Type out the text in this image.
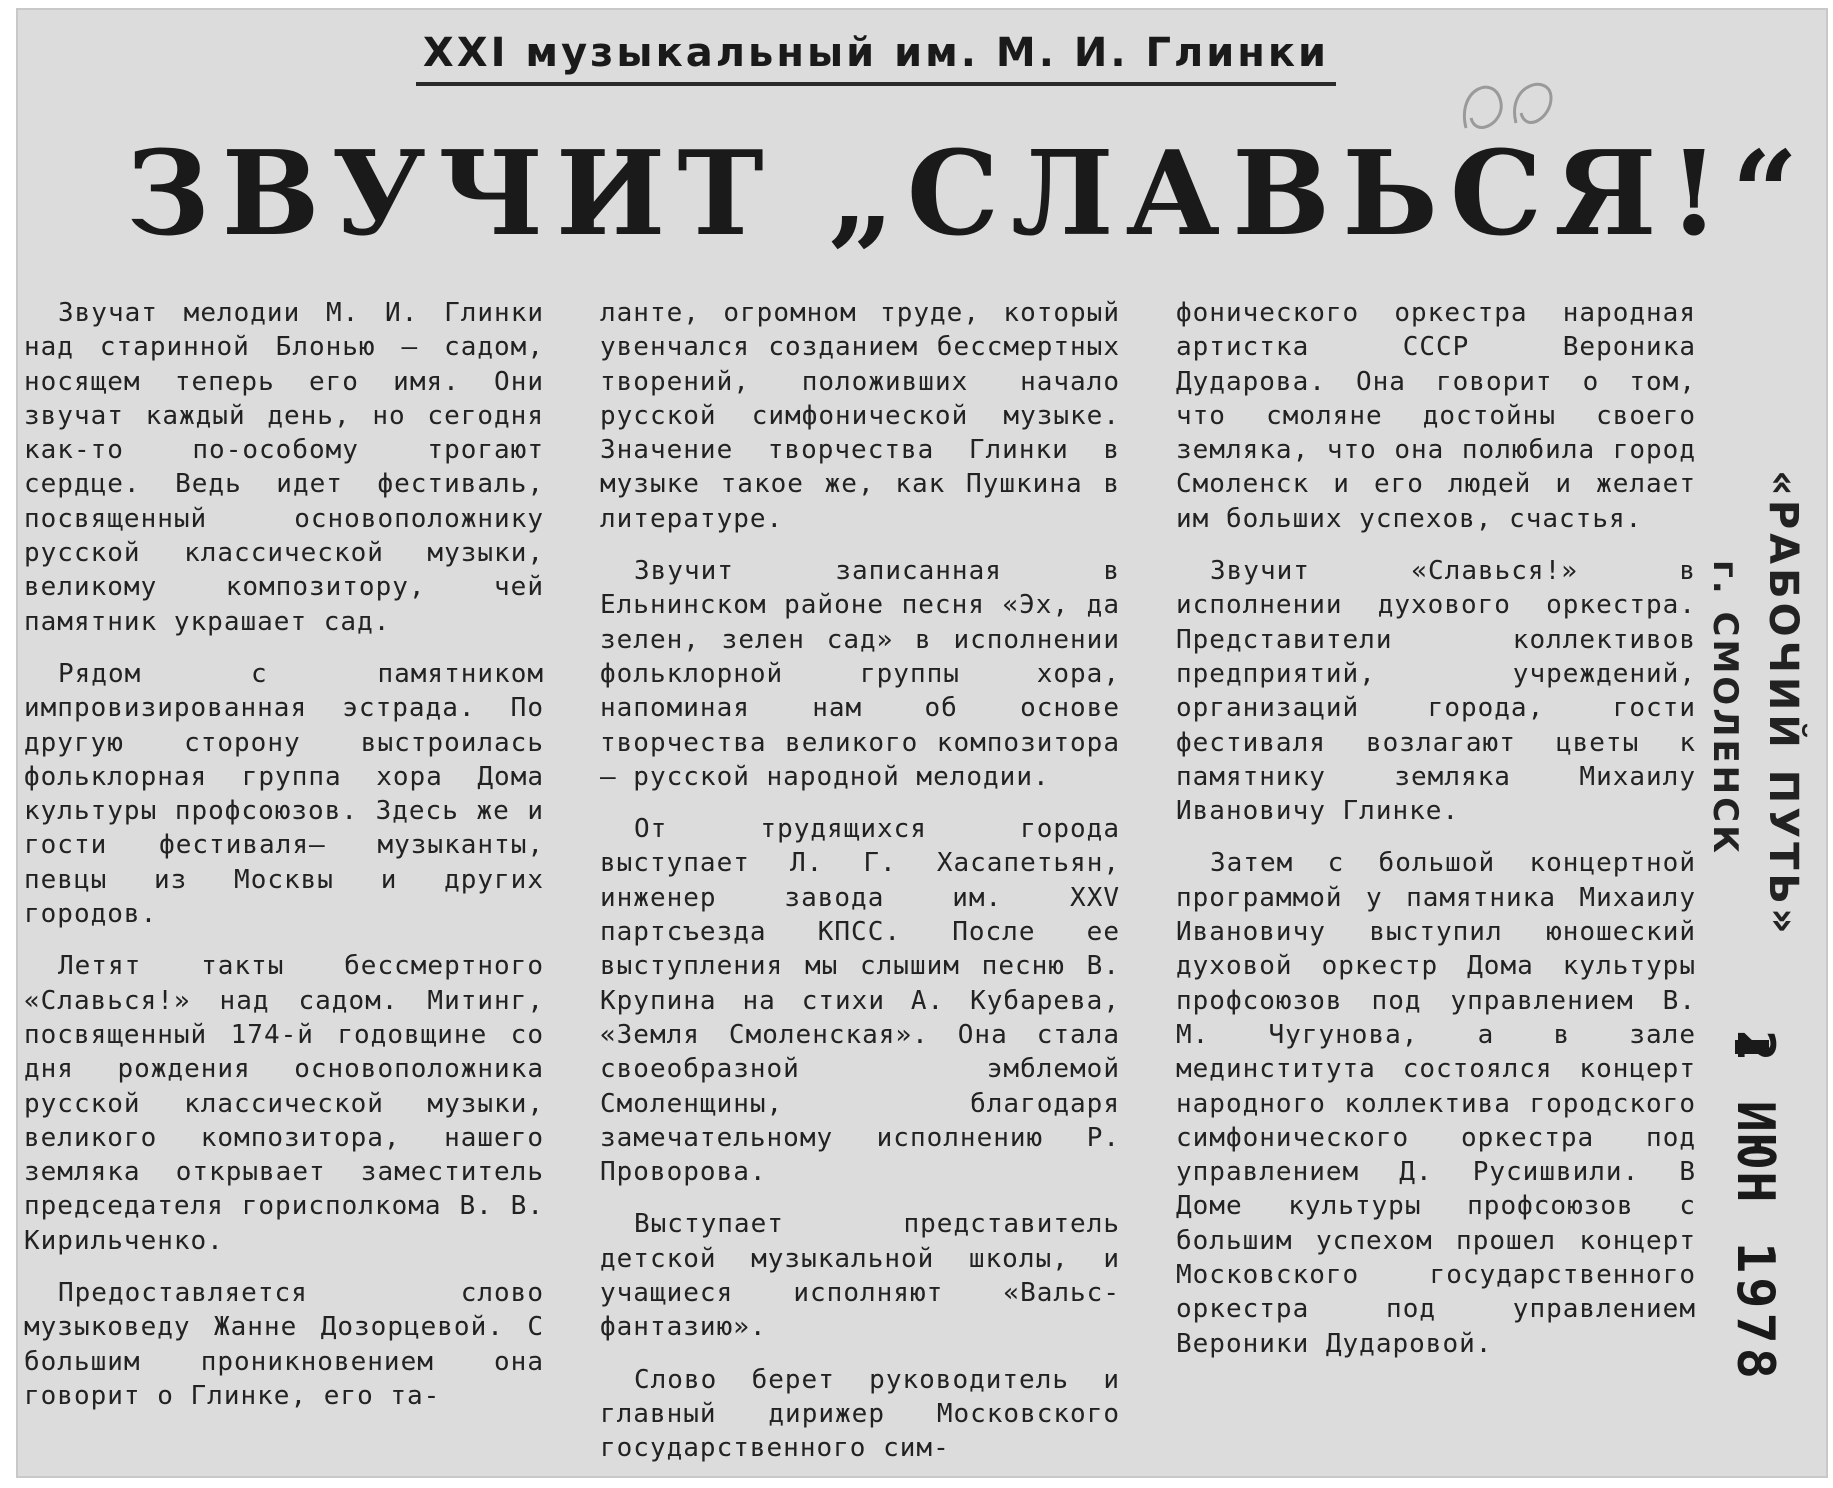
XXI музыкальный им. М. И. Глинки
ЗВУЧИТ „СЛАВЬСЯ!“

Звучат мелодии М. И. Глинки над старинной Блонью — садом, носящем теперь его имя. Они звучат каждый день, но сегодня как-то по-особому трогают сердце. Ведь идет фестиваль, посвященный основоположнику русской классической музыки, великому композитору, чей памятник украшает сад.

Рядом с памятником импровизированная эстрада. По другую сторону выстроилась фольклорная группа хора Дома культуры профсоюзов. Здесь же и гости фестиваля— музыканты, певцы из Москвы и других городов.

Летят такты бессмертного «Славься!» над садом. Митинг, посвященный 174-й годовщине со дня рождения основоположника русской классической музыки, великого композитора, нашего земляка открывает заместитель председателя горисполкома В. В. Кирильченко.

Предоставляется слово музыковеду Жанне Дозорцевой. С большим проникновением она говорит о Глинке, его та-

ланте, огромном труде, который увенчался созданием бессмертных творений, положивших начало русской симфонической музыке. Значение творчества Глинки в музыке такое же, как Пушкина в литературе.

Звучит записанная в Ельнинском районе песня «Эх, да зелен, зелен сад» в исполнении фольклорной группы хора, напоминая нам об основе творчества великого композитора — русской народной мелодии.

От трудящихся города выступает Л. Г. Хасапетьян, инженер завода им. XXV партсъезда КПСС. После ее выступления мы слышим песню В. Крупина на стихи А. Кубарева, «Земля Смоленская». Она стала своеобразной эмблемой Смоленщины, благодаря замечательному исполнению Р. Проворова.

Выступает представитель детской музыкальной школы, и учащиеся исполняют «Вальс-фантазию».

Слово берет руководитель и главный дирижер Московского государственного сим-

фонического оркестра народная артистка СССР Вероника Дударова. Она говорит о том, что смоляне достойны своего земляка, что она полюбила город Смоленск и его людей и желает им больших успехов, счастья.

Звучит «Славься!» в исполнении духового оркестра. Представители коллективов предприятий, учреждений, организаций города, гости фестиваля возлагают цветы к памятнику земляка Михаилу Ивановичу Глинке.

Затем с большой концертной программой у памятника Михаилу Ивановичу выступил юношеский духовой оркестр Дома культуры профсоюзов под управлением В. М. Чугунова, а в зале мединститута состоялся концерт народного коллектива городского симфонического оркестра под управлением Д. Русишвили. В Доме культуры профсоюзов с большим успехом прошел концерт Московского государственного оркестра под управлением Вероники Дударовой.

«РАБОЧИЙ ПУТЬ»
г. СМОЛЕНСК
2 ИЮН 1978
